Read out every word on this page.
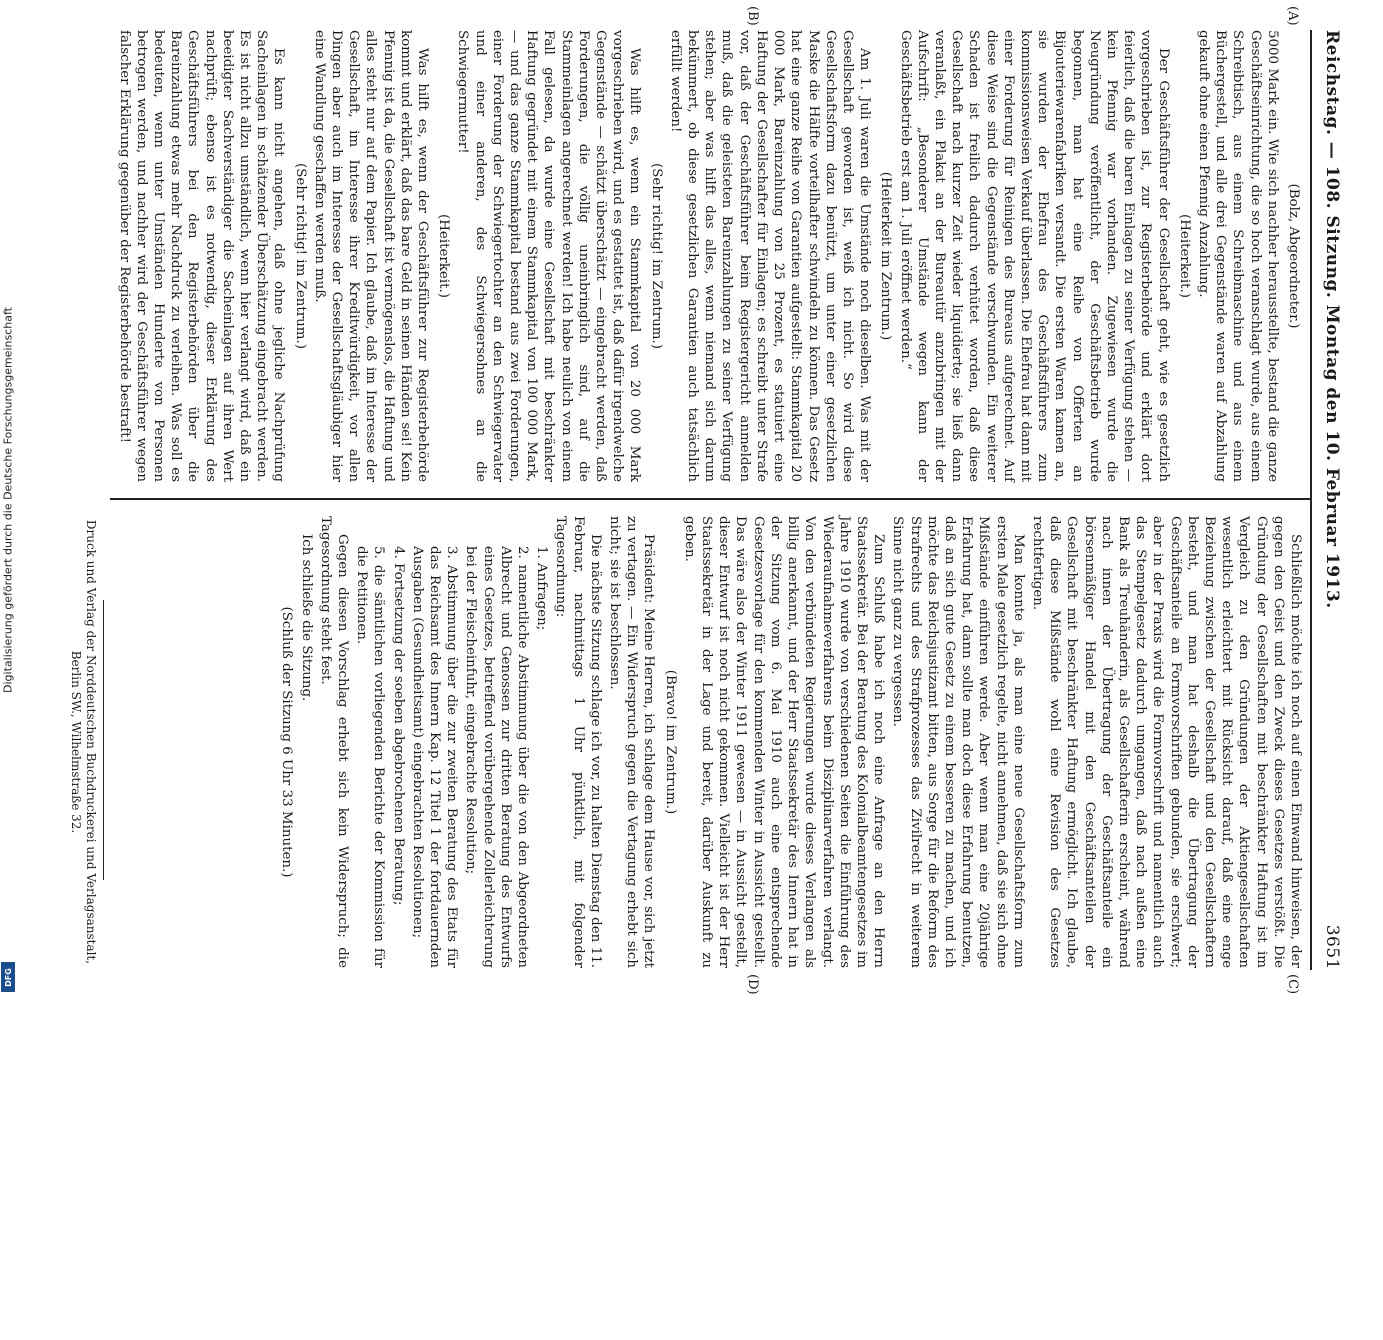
Digitalisierung gefördert durch die Deutsche Forschungsgemeinschaft
DFG
Reichstag. — 108. Sitzung. Montag den 10. Februar 1913.
3651
(A)
(B)
(C)
(D)

(Bolz, Abgeordneter.)

5000 Mark ein. Wie sich nachher herausstellte, bestand die ganze Geschäftseinrichtung, die so hoch veranschlagt wurde, aus einem Schreibtisch, aus einem Schreibmaschine und aus einem Büchergestell, und alle drei Gegenstände waren auf Abzahlung gekauft ohne einen Pfennig Anzahlung.

(Heiterkeit.)

Der Geschäftsführer der Gesellschaft geht, wie es gesetzlich vorgeschrieben ist, zur Registerbehörde und erklärt dort feierlich, daß die baren Einlagen zu seiner Verfügung stehen — kein Pfennig war vorhanden. Zugewiesen wurde die Neugründung veröffentlicht, der Geschäftsbetrieb wurde begonnen, man hat eine Reihe von Offerten an Bijouteriewarenfabriken versandt. Die ersten Waren kamen an, sie wurden der Ehefrau des Geschäftsführers zum kommissionsweisen Verkauf überlassen. Die Ehefrau hat dann mit einer Forderung für Reinigen des Bureaus aufgerechnet. Auf diese Weise sind die Gegenstände verschwunden. Ein weiterer Schaden ist freilich dadurch verhütet worden, daß diese Gesellschaft nach kurzer Zeit wieder liquidierte; sie ließ dann veranlaßt, ein Plakat an der Bureautür anzubringen mit der Aufschrift: „Besonderer Umstände wegen kann der Geschäftsbetrieb erst am 1. Juli eröffnet werden.“

(Heiterkeit im Zentrum.)

Am 1. Juli waren die Umstände noch dieselben. Was mit der Gesellschaft geworden ist, weiß ich nicht. So wird diese Gesellschaftsform dazu benützt, um unter einer gesetzlichen Maske die Hälfte vorteilhafter schwindeln zu können. Das Gesetz hat eine ganze Reihe von Garantien aufgestellt: Stammkapital 20 000 Mark, Bareinzahlung von 25 Prozent, es statuiert eine Haftung der Gesellschafter für Einlagen; es schreibt unter Strafe vor, daß der Geschäftsführer beim Registergericht anmelden muß, daß die geleisteten Bareinzahlungen zu seiner Verfügung stehen; aber was hilft das alles, wenn niemand sich darum bekümmert, ob diese gesetzlichen Garantien auch tatsächlich erfüllt werden!

(Sehr richtig! im Zentrum.)

Was hilft es, wenn ein Stammkapital von 20 000 Mark vorgeschrieben wird, und es gestattet ist, daß dafür irgendwelche Gegenstände — schätzt überschätzt — eingebracht werden, daß Forderungen, die völlig uneinbringlich sind, auf die Stammeinlagen angerechnet werden! Ich habe neulich von einem Fall gelesen, da wurde eine Gesellschaft mit beschränkter Haftung gegründet mit einem Stammkapital von 100 000 Mark, — und das ganze Stammkapital bestand aus zwei Forderungen, einer Forderung der Schwiegertochter an den Schwiegervater und einer anderen, des Schwiegersohnes an die Schwiegermutter!

(Heiterkeit.)

Was hilft es, wenn der Geschäftsführer zur Registerbehörde kommt und erklärt, daß das bare Geld in seinen Händen sei! Kein Pfennig ist da, die Gesellschaft ist vermögenslos, die Haftung und alles steht nur auf dem Papier. Ich glaube, daß im Interesse der Gesellschaft, im Interesse ihrer Kreditwürdigkeit, vor allen Dingen aber auch im Interesse der Gesellschaftsgläubiger hier eine Wandlung geschaffen werden muß.

(Sehr richtig! im Zentrum.)

Es kann nicht angehen, daß ohne jegliche Nachprüfung Sacheinlagen in schätzender Überschätzung eingebracht werden. Es ist nicht allzu umständlich, wenn hier verlangt wird, daß ein beeidigter Sachverständiger die Sacheinlagen auf ihren Wert nachprüft; ebenso ist es notwendig, dieser Erklärung des Geschäftsführers bei den Registerbehörden über die Bareinzahlung etwas mehr Nachdruck zu verleihen. Was soll es bedeuten, wenn unter Umständen Hunderte von Personen betrogen werden, und nachher wird der Geschäftsführer wegen falscher Erklärung gegenüber der Registerbehörde bestraft!

Schließlich möchte ich noch auf einen Einwand hinweisen, der gegen den Geist und den Zweck dieses Gesetzes verstößt. Die Gründung der Gesellschaften mit beschränkter Haftung ist im Vergleich zu den Gründungen der Aktiengesellschaften wesentlich erleichtert mit Rücksicht darauf, daß eine enge Beziehung zwischen der Gesellschaft und den Gesellschaftern besteht, und man hat deshalb die Übertragung der Geschäftsanteile an Formvorschriften gebunden, sie erschwert; aber in der Praxis wird die Formvorschrift und namentlich auch das Stempelgesetz dadurch umgangen, daß nach außen eine Bank als Treuhänderin, als Gesellschafterin erscheint, während nach innen der Übertragung der Geschäftsanteile ein börsenmäßiger Handel mit den Geschäftsanteilen der Gesellschaft mit beschränkter Haftung ermöglicht. Ich glaube, daß diese Mißstände wohl eine Revision des Gesetzes rechtfertigen.

Man konnte ja, als man eine neue Gesellschaftsform zum ersten Male gesetzlich regelte, nicht annehmen, daß sie sich ohne Mißstände einführen werde. Aber wenn man eine 20jährige Erfahrung hat, dann sollte man doch diese Erfahrung benutzen, daß an sich gute Gesetz zu einem besseren zu machen, und ich möchte das Reichsjustizamt bitten, aus Sorge für die Reform des Strafrechts und des Strafprozesses das Zivilrecht in weiterem Sinne nicht ganz zu vergessen.

Zum Schluß habe ich noch eine Anfrage an den Herrn Staatssekretär. Bei der Beratung des Kolonialbeamtengesetzes im Jahre 1910 wurde von verschiedenen Seiten die Einführung des Wiederaufnahmeverfahrens beim Disziplinarverfahren verlangt. Von den verbündeten Regierungen wurde dieses Verlangen als billig anerkannt, und der Herr Staatssekretär des Innern hat in der Sitzung vom 6. Mai 1910 auch eine entsprechende Gesetzesvorlage für den kommenden Winter in Aussicht gestellt. Das wäre also der Winter 1911 gewesen — in Aussicht gestellt, dieser Entwurf ist noch nicht gekommen. Vielleicht ist der Herr Staatssekretär in der Lage und bereit, darüber Auskunft zu geben.

(Bravo! im Zentrum.)

Präsident: Meine Herren, ich schlage dem Hause vor, sich jetzt zu vertagen. — Ein Widerspruch gegen die Vertagung erhebt sich nicht; sie ist beschlossen.

Die nächste Sitzung schlage ich vor, zu halten Dienstag den 11. Februar, nachmittags 1 Uhr pünktlich, mit folgender Tagesordnung:

1. Anfragen;

2. namentliche Abstimmung über die von den Abgeordneten Albrecht und Genossen zur dritten Beratung des Entwurfs eines Gesetzes, betreffend vorübergehende Zollerleichterung bei der Fleischeinfuhr, eingebrachte Resolution;

3. Abstimmung über die zur zweiten Beratung des Etats für das Reichsamt des Innern Kap. 12 Titel 1 der fortdauernden Ausgaben (Gesundheitsamt) eingebrachten Resolutionen;

4. Fortsetzung der soeben abgebrochenen Beratung;

5. die sämtlichen vorliegenden Berichte der Kommission für die Petitionen.

Gegen diesen Vorschlag erhebt sich kein Widerspruch; die Tagesordnung steht fest.

Ich schließe die Sitzung.

(Schluß der Sitzung 6 Uhr 33 Minuten.)

Druck und Verlag der Norddeutschen Buchdruckerei und Verlagsanstalt, Berlin SW., Wilhelmstraße 32.
